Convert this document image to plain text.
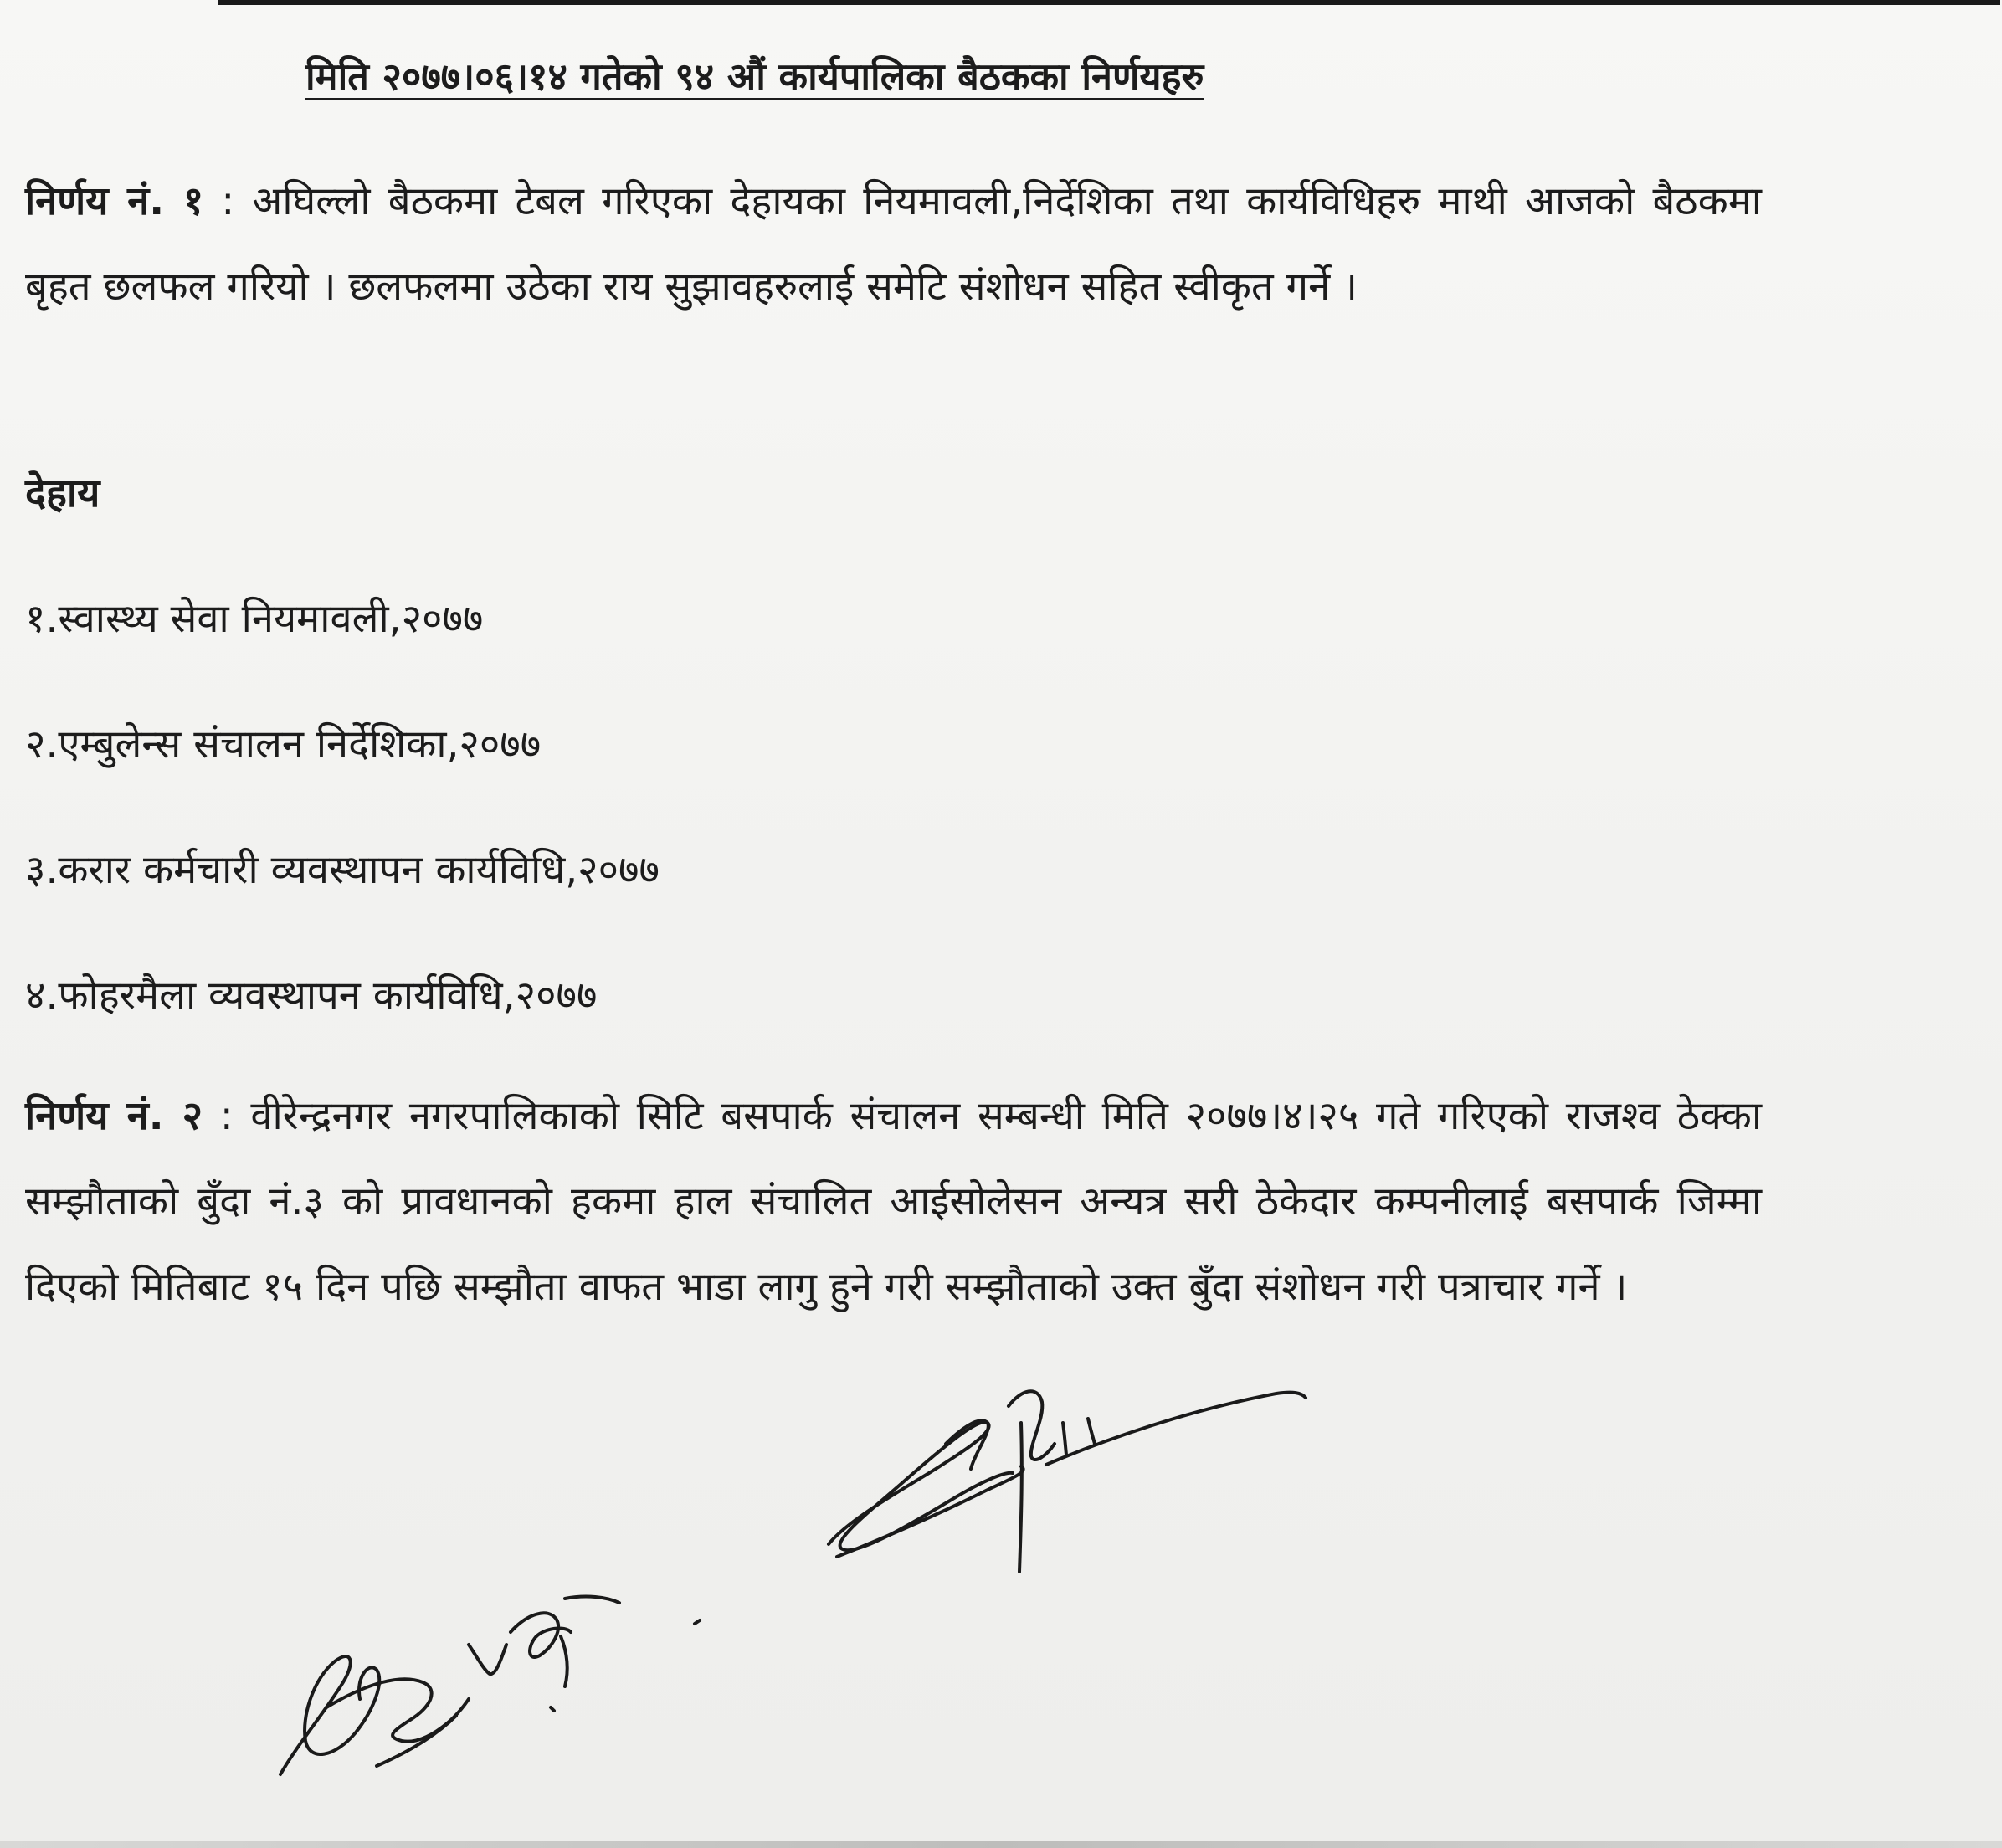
मिति २०७७।०६।१४ गतेको ९४ औं कार्यपालिका बैठकका निर्णयहरु
निर्णय नं. १ : अघिल्लो बैठकमा टेबल गरिएका देहायका नियमावली,निर्देशिका तथा कार्यविधिहरु माथी आजको बैठकमा बृहत छलफल गरियो । छलफलमा उठेका राय सुझावहरुलाई समेटि संशोधन सहित स्वीकृत गर्ने ।
देहाय
१.स्वास्थ्य सेवा नियमावली,२०७७
२.एम्बुलेन्स संचालन निर्देशिका,२०७७
३.करार कर्मचारी व्यवस्थापन कार्यविधि,२०७७
४.फोहरमैला व्यवस्थापन कार्यविधि,२०७७
निर्णय नं. २ : वीरेन्द्रनगर नगरपालिकाको सिटि बसपार्क संचालन सम्बन्धी मिति २०७७।४।२५ गते गरिएको राजश्व ठेक्का सम्झौताको बुँदा नं.३ को प्रावधानको हकमा हाल संचालित आईसोलेसन अन्यत्र सरी ठेकेदार कम्पनीलाई बसपार्क जिम्मा दिएको मितिबाट १५ दिन पछि सम्झौता वाफत भाडा लागु हुने गरी सम्झौताको उक्त बुँदा संशोधन गरी पत्राचार गर्ने ।
